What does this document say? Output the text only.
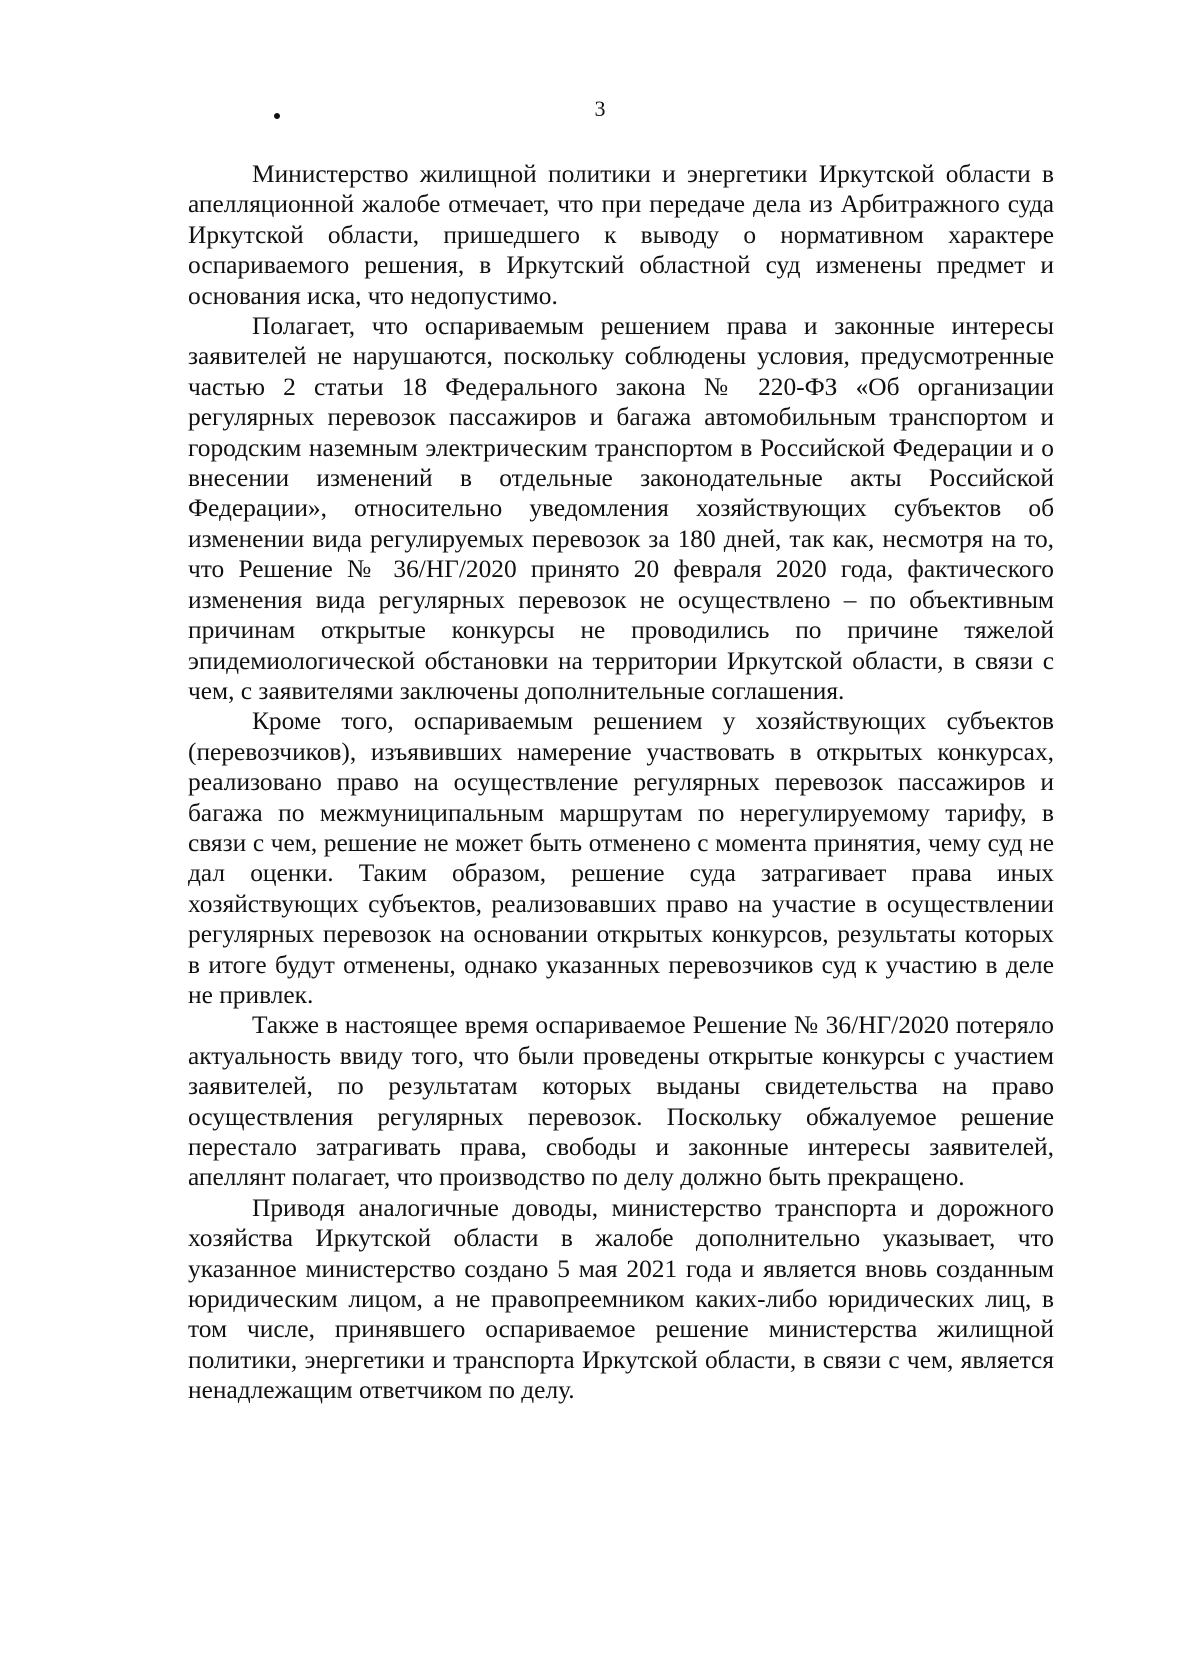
3

Министерство жилищной политики и энергетики Иркутской области в апелляционной жалобе отмечает, что при передаче дела из Арбитражного суда Иркутской области, пришедшего к выводу о нормативном характере оспариваемого решения, в Иркутский областной суд изменены предмет и основания иска, что недопустимо.

Полагает, что оспариваемым решением права и законные интересы заявителей не нарушаются, поскольку соблюдены условия, предусмотренные частью 2 статьи 18 Федерального закона № 220-ФЗ «Об организации регулярных перевозок пассажиров и багажа автомобильным транспортом и городским наземным электрическим транспортом в Российской Федерации и о внесении изменений в отдельные законодательные акты Российской Федерации», относительно уведомления хозяйствующих субъектов об изменении вида регулируемых перевозок за 180 дней, так как, несмотря на то, что Решение № 36/НГ/2020 принято 20 февраля 2020 года, фактического изменения вида регулярных перевозок не осуществлено – по объективным причинам открытые конкурсы не проводились по причине тяжелой эпидемиологической обстановки на территории Иркутской области, в связи с чем, с заявителями заключены дополнительные соглашения.

Кроме того, оспариваемым решением у хозяйствующих субъектов (перевозчиков), изъявивших намерение участвовать в открытых конкурсах, реализовано право на осуществление регулярных перевозок пассажиров и багажа по межмуниципальным маршрутам по нерегулируемому тарифу, в связи с чем, решение не может быть отменено с момента принятия, чему суд не дал оценки. Таким образом, решение суда затрагивает права иных хозяйствующих субъектов, реализовавших право на участие в осуществлении регулярных перевозок на основании открытых конкурсов, результаты которых в итоге будут отменены, однако указанных перевозчиков суд к участию в деле не привлек.

Также в настоящее время оспариваемое Решение № 36/НГ/2020 потеряло актуальность ввиду того, что были проведены открытые конкурсы с участием заявителей, по результатам которых выданы свидетельства на право осуществления регулярных перевозок. Поскольку обжалуемое решение перестало затрагивать права, свободы и законные интересы заявителей, апеллянт полагает, что производство по делу должно быть прекращено.

Приводя аналогичные доводы, министерство транспорта и дорожного хозяйства Иркутской области в жалобе дополнительно указывает, что указанное министерство создано 5 мая 2021 года и является вновь созданным юридическим лицом, а не правопреемником каких-либо юридических лиц, в том числе, принявшего оспариваемое решение министерства жилищной политики, энергетики и транспорта Иркутской области, в связи с чем, является ненадлежащим ответчиком по делу.
